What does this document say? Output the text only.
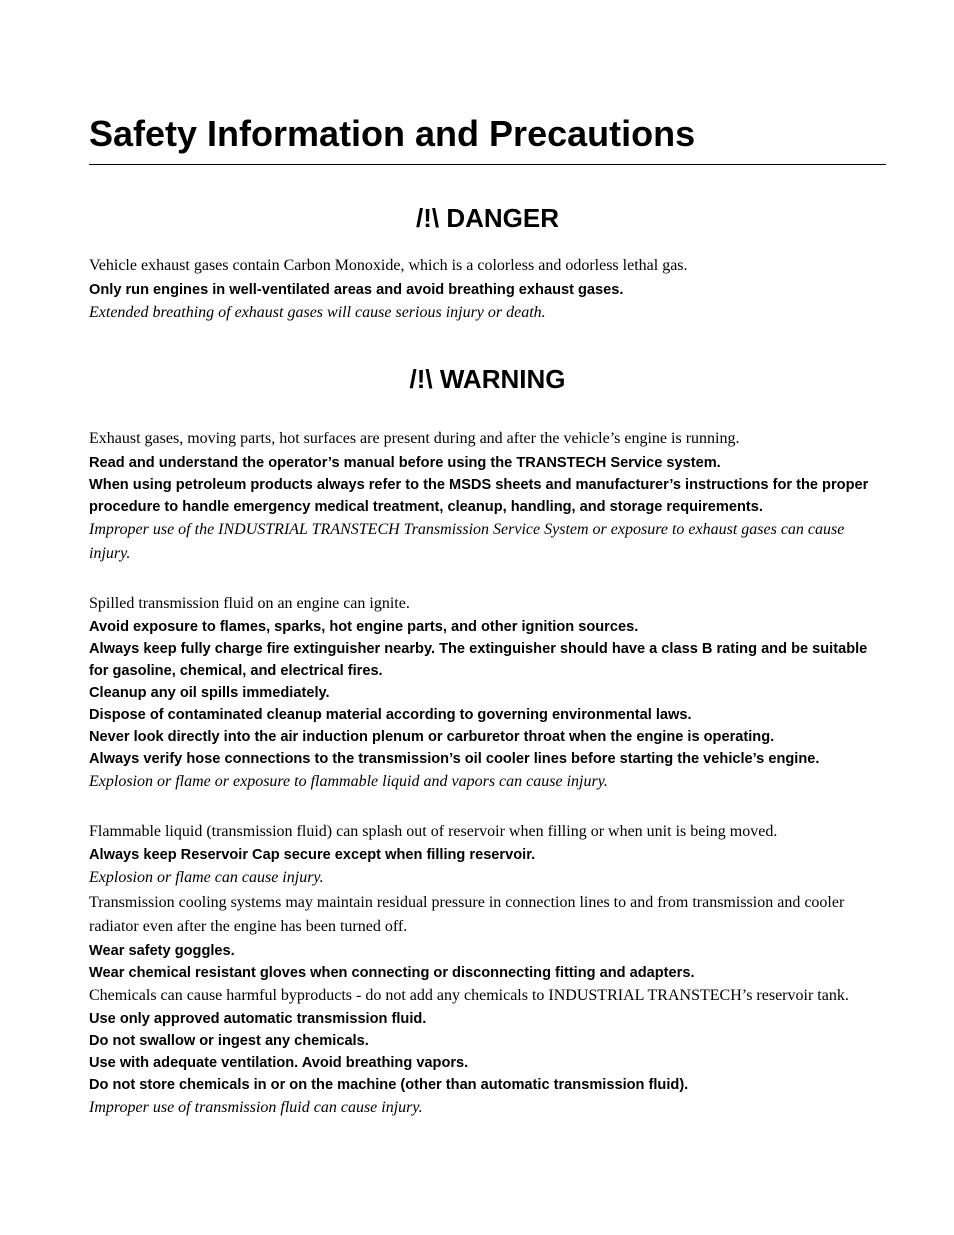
Safety Information and Precautions
/!\ DANGER

Vehicle exhaust gases contain Carbon Monoxide, which is a colorless and odorless lethal gas.

Only run engines in well-ventilated areas and avoid breathing exhaust gases.

Extended breathing of exhaust gases will cause serious injury or death.

/!\ WARNING

Exhaust gases, moving parts, hot surfaces are present during and after the vehicle’s engine is running.

Read and understand the operator’s manual before using the TRANSTECH Service system.

When using petroleum products always refer to the MSDS sheets and manufacturer’s instructions for the proper procedure to handle emergency medical treatment, cleanup, handling, and storage requirements.

Improper use of the INDUSTRIAL TRANSTECH Transmission Service System or exposure to exhaust gases can cause injury.

Spilled transmission fluid on an engine can ignite.

Avoid exposure to flames, sparks, hot engine parts, and other ignition sources.

Always keep fully charge fire extinguisher nearby. The extinguisher should have a class B rating and be suitable for gasoline, chemical, and electrical fires.

Cleanup any oil spills immediately.

Dispose of contaminated cleanup material according to governing environmental laws.

Never look directly into the air induction plenum or carburetor throat when the engine is operating.

Always verify hose connections to the transmission’s oil cooler lines before starting the vehicle’s engine.

Explosion or flame or exposure to flammable liquid and vapors can cause injury.

Flammable liquid (transmission fluid) can splash out of reservoir when filling or when unit is being moved.

Always keep Reservoir Cap secure except when filling reservoir.

Explosion or flame can cause injury.

Transmission cooling systems may maintain residual pressure in connection lines to and from transmission and cooler radiator even after the engine has been turned off.

Wear safety goggles.

Wear chemical resistant gloves when connecting or disconnecting fitting and adapters.

Chemicals can cause harmful byproducts - do not add any chemicals to INDUSTRIAL TRANSTECH’s reservoir tank.

Use only approved automatic transmission fluid.

Do not swallow or ingest any chemicals.

Use with adequate ventilation. Avoid breathing vapors.

Do not store chemicals in or on the machine (other than automatic transmission fluid).

Improper use of transmission fluid can cause injury.
